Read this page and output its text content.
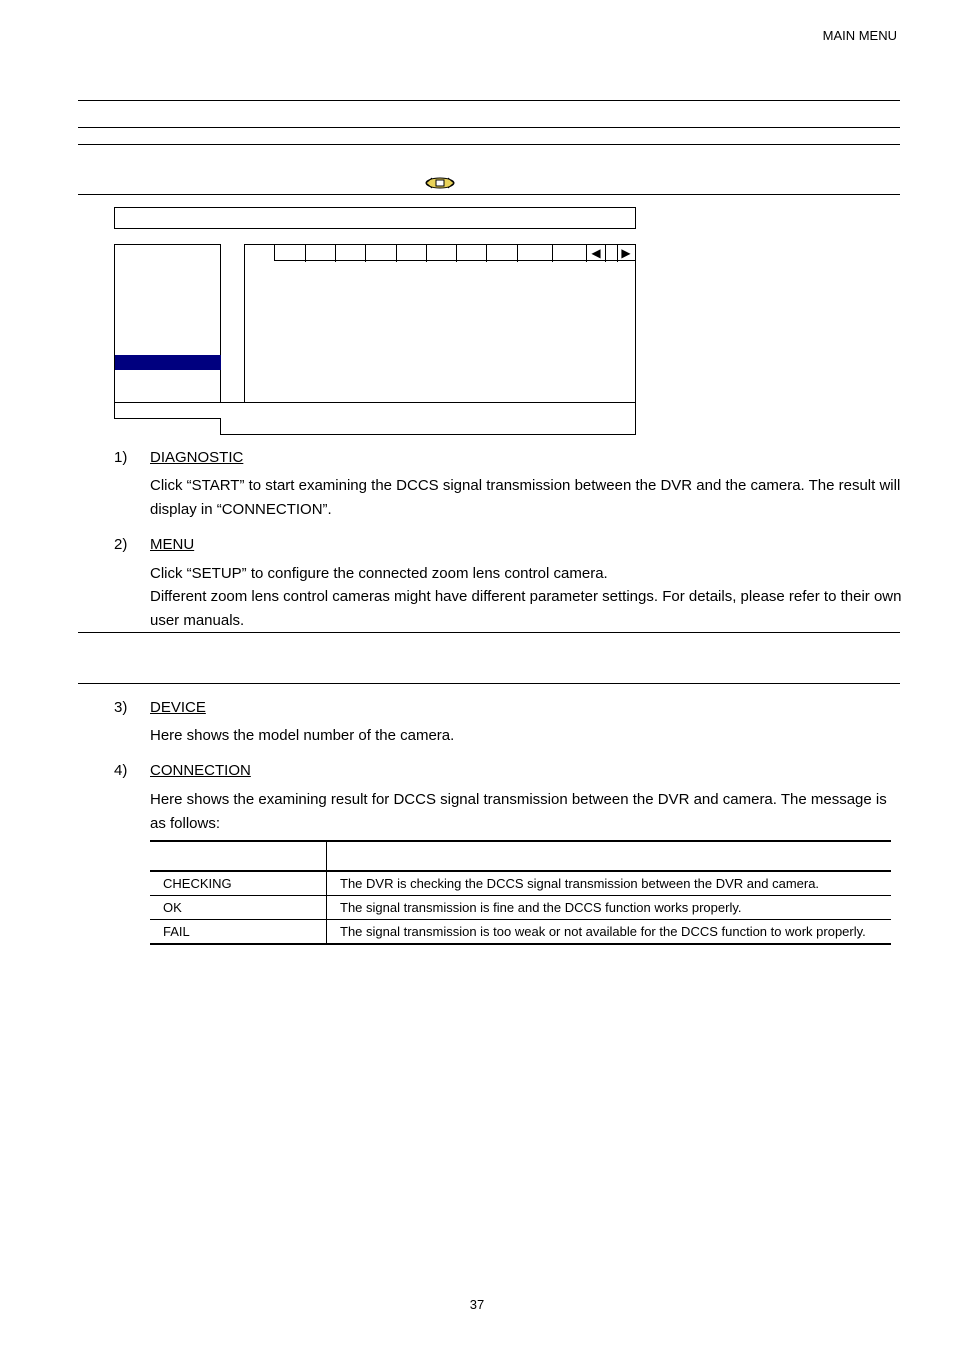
MAIN MENU
◀	▶
1) DIAGNOSTIC
Click “START” to start examining the DCCS signal transmission between the DVR and the camera. The result will display in “CONNECTION”.
2) MENU
Click “SETUP” to configure the connected zoom lens control camera.
Different zoom lens control cameras might have different parameter settings. For details, please refer to their own user manuals.
3) DEVICE
Here shows the model number of the camera.
4) CONNECTION
Here shows the examining result for DCCS signal transmission between the DVR and camera. The message is as follows:

CHECKING	The DVR is checking the DCCS signal transmission between the DVR and camera.
OK	The signal transmission is fine and the DCCS function works properly.
FAIL	The signal transmission is too weak or not available for the DCCS function to work properly.
37
